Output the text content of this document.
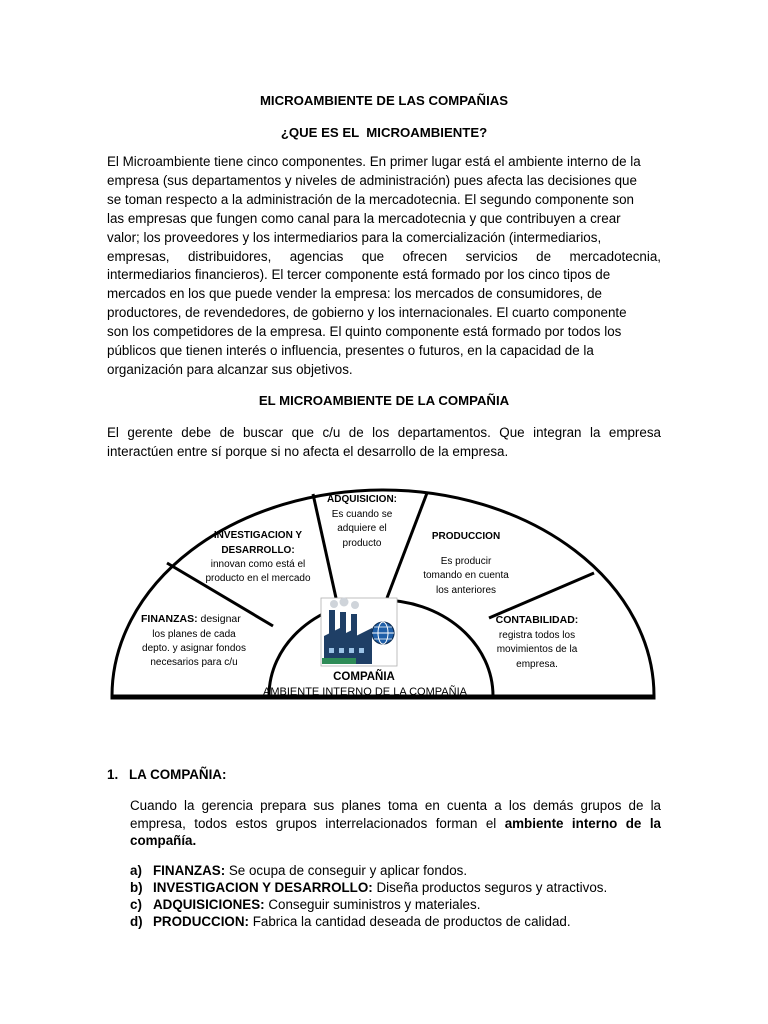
MICROAMBIENTE DE LAS COMPAÑIAS
¿QUE ES EL  MICROAMBIENTE?
El Microambiente tiene cinco componentes. En primer lugar está el ambiente interno de la
empresa (sus departamentos y niveles de administración) pues afecta las decisiones que
se toman respecto a la administración de la mercadotecnia. El segundo componente son
las empresas que fungen como canal para la mercadotecnia y que contribuyen a crear
valor; los proveedores y los intermediarios para la comercialización (intermediarios,
empresas, distribuidores, agencias que ofrecen servicios de mercadotecnia,
intermediarios financieros). El tercer componente está formado por los cinco tipos de
mercados en los que puede vender la empresa: los mercados de consumidores, de
productores, de revendedores, de gobierno y los internacionales. El cuarto componente
son los competidores de la empresa. El quinto componente está formado por todos los
públicos que tienen interés o influencia, presentes o futuros, en la capacidad de la
organización para alcanzar sus objetivos.
EL MICROAMBIENTE DE LA COMPAÑIA
El gerente debe de buscar que c/u de los departamentos. Que integran la empresa
interactúen entre sí porque si no afecta el desarrollo de la empresa.
FINANZAS: designar
los planes de cada
depto. y asignar fondos
necesarios para c/u
INVESTIGACION Y
DESARROLLO:
innovan como está el
producto en el mercado
ADQUISICION:
Es cuando se
adquiere el
producto
PRODUCCION
Es producir
tomando en cuenta
los anteriores
CONTABILIDAD:
registra todos los
movimientos de la
empresa.
COMPAÑIA
AMBIENTE INTERNO DE LA COMPAÑIA
1. LA COMPAÑIA:
Cuando la gerencia prepara sus planes toma en cuenta a los demás grupos de la
empresa, todos estos grupos interrelacionados forman el ambiente interno de la
compañía.
a) FINANZAS: Se ocupa de conseguir y aplicar fondos.
b) INVESTIGACION Y DESARROLLO: Diseña productos seguros y atractivos.
c) ADQUISICIONES: Conseguir suministros y materiales.
d) PRODUCCION: Fabrica la cantidad deseada de productos de calidad.
